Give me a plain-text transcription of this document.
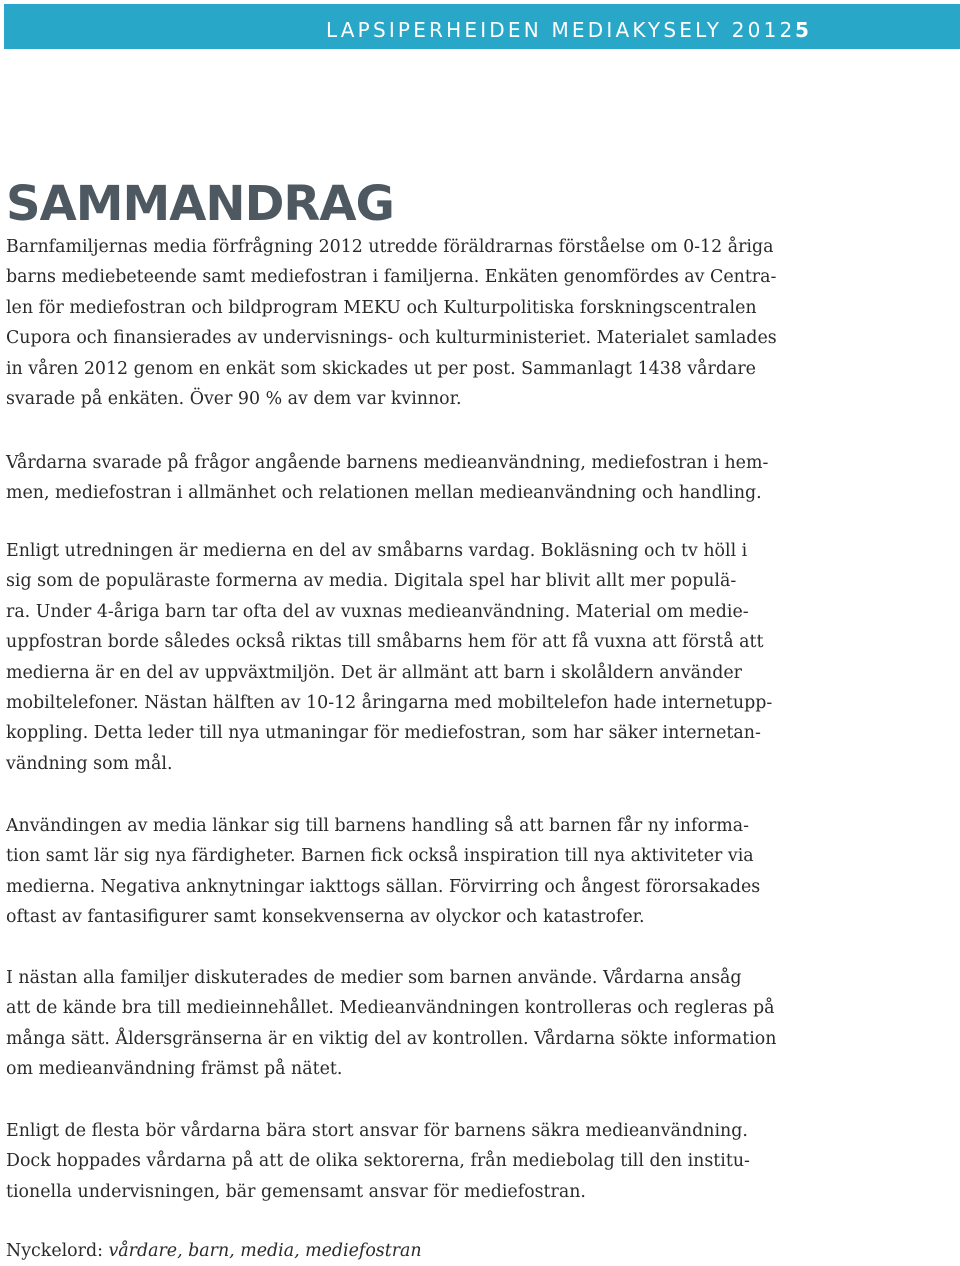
LAPSIPERHEIDEN MEDIAKYSELY 2012 5
SAMMANDRAG
Barnfamiljernas media förfrågning 2012 utredde föräldrarnas förståelse om 0-12 åriga
barns mediebeteende samt mediefostran i familjerna. Enkäten genomfördes av Centra-
len för mediefostran och bildprogram MEKU och Kulturpolitiska forskningscentralen
Cupora och finansierades av undervisnings- och kulturministeriet. Materialet samlades
in våren 2012 genom en enkät som skickades ut per post. Sammanlagt 1438 vårdare
svarade på enkäten. Över 90 % av dem var kvinnor.
Vårdarna svarade på frågor angående barnens medieanvändning, mediefostran i hem-
men, mediefostran i allmänhet och relationen mellan medieanvändning och handling.
Enligt utredningen är medierna en del av småbarns vardag. Bokläsning och tv höll i
sig som de populäraste formerna av media. Digitala spel har blivit allt mer populä-
ra. Under 4-åriga barn tar ofta del av vuxnas medieanvändning. Material om medie-
uppfostran borde således också riktas till småbarns hem för att få vuxna att förstå att
medierna är en del av uppväxtmiljön. Det är allmänt att barn i skolåldern använder
mobiltelefoner. Nästan hälften av 10-12 åringarna med mobiltelefon hade internetupp-
koppling. Detta leder till nya utmaningar för mediefostran, som har säker internetan-
vändning som mål.
Användingen av media länkar sig till barnens handling så att barnen får ny informa-
tion samt lär sig nya färdigheter. Barnen fick också inspiration till nya aktiviteter via
medierna. Negativa anknytningar iakttogs sällan. Förvirring och ångest förorsakades
oftast av fantasifigurer samt konsekvenserna av olyckor och katastrofer.
I nästan alla familjer diskuterades de medier som barnen använde. Vårdarna ansåg
att de kände bra till medieinnehållet. Medieanvändningen kontrolleras och regleras på
många sätt. Åldersgränserna är en viktig del av kontrollen. Vårdarna sökte information
om medieanvändning främst på nätet.
Enligt de flesta bör vårdarna bära stort ansvar för barnens säkra medieanvändning.
Dock hoppades vårdarna på att de olika sektorerna, från mediebolag till den institu-
tionella undervisningen, bär gemensamt ansvar för mediefostran.

Nyckelord: vårdare, barn, media, mediefostran
